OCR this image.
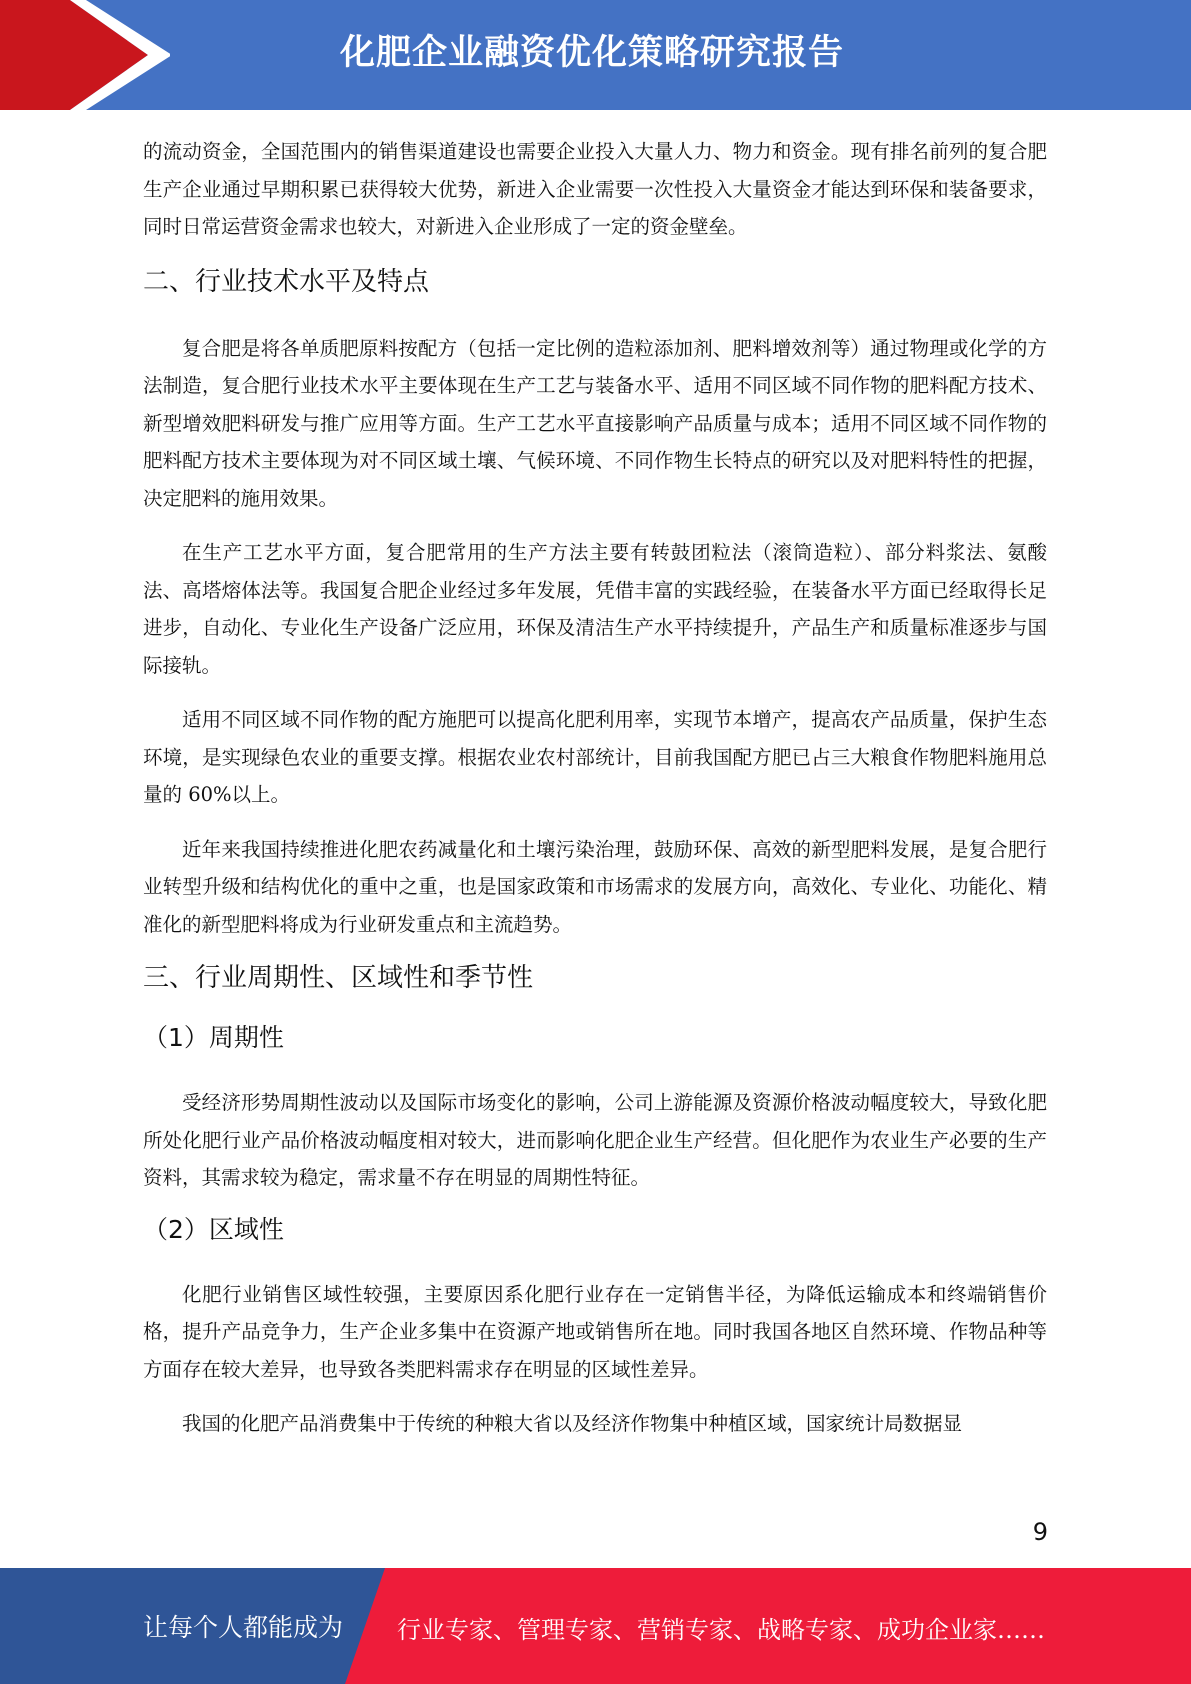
化肥企业融资优化策略研究报告

的流动资金，全国范围内的销售渠道建设也需要企业投入大量人力、物力和资金。现有排名前列的复合肥生产企业通过早期积累已获得较大优势，新进入企业需要一次性投入大量资金才能达到环保和装备要求，同时日常运营资金需求也较大，对新进入企业形成了一定的资金壁垒。

二、行业技术水平及特点

复合肥是将各单质肥原料按配方（包括一定比例的造粒添加剂、肥料增效剂等）通过物理或化学的方法制造，复合肥行业技术水平主要体现在生产工艺与装备水平、适用不同区域不同作物的肥料配方技术、新型增效肥料研发与推广应用等方面。生产工艺水平直接影响产品质量与成本；适用不同区域不同作物的肥料配方技术主要体现为对不同区域土壤、气候环境、不同作物生长特点的研究以及对肥料特性的把握，决定肥料的施用效果。

在生产工艺水平方面，复合肥常用的生产方法主要有转鼓团粒法（滚筒造粒）、部分料浆法、氨酸法、高塔熔体法等。我国复合肥企业经过多年发展，凭借丰富的实践经验，在装备水平方面已经取得长足进步，自动化、专业化生产设备广泛应用，环保及清洁生产水平持续提升，产品生产和质量标准逐步与国际接轨。

适用不同区域不同作物的配方施肥可以提高化肥利用率，实现节本增产，提高农产品质量，保护生态环境，是实现绿色农业的重要支撑。根据农业农村部统计，目前我国配方肥已占三大粮食作物肥料施用总量的 60%以上。

近年来我国持续推进化肥农药减量化和土壤污染治理，鼓励环保、高效的新型肥料发展，是复合肥行业转型升级和结构优化的重中之重，也是国家政策和市场需求的发展方向，高效化、专业化、功能化、精准化的新型肥料将成为行业研发重点和主流趋势。

三、行业周期性、区域性和季节性
（1）周期性

受经济形势周期性波动以及国际市场变化的影响，公司上游能源及资源价格波动幅度较大，导致化肥所处化肥行业产品价格波动幅度相对较大，进而影响化肥企业生产经营。但化肥作为农业生产必要的生产资料，其需求较为稳定，需求量不存在明显的周期性特征。

（2）区域性

化肥行业销售区域性较强，主要原因系化肥行业存在一定销售半径，为降低运输成本和终端销售价格，提升产品竞争力，生产企业多集中在资源产地或销售所在地。同时我国各地区自然环境、作物品种等方面存在较大差异，也导致各类肥料需求存在明显的区域性差异。

我国的化肥产品消费集中于传统的种粮大省以及经济作物集中种植区域，国家统计局数据显

9
让每个人都能成为 行业专家、管理专家、营销专家、战略专家、成功企业家……
